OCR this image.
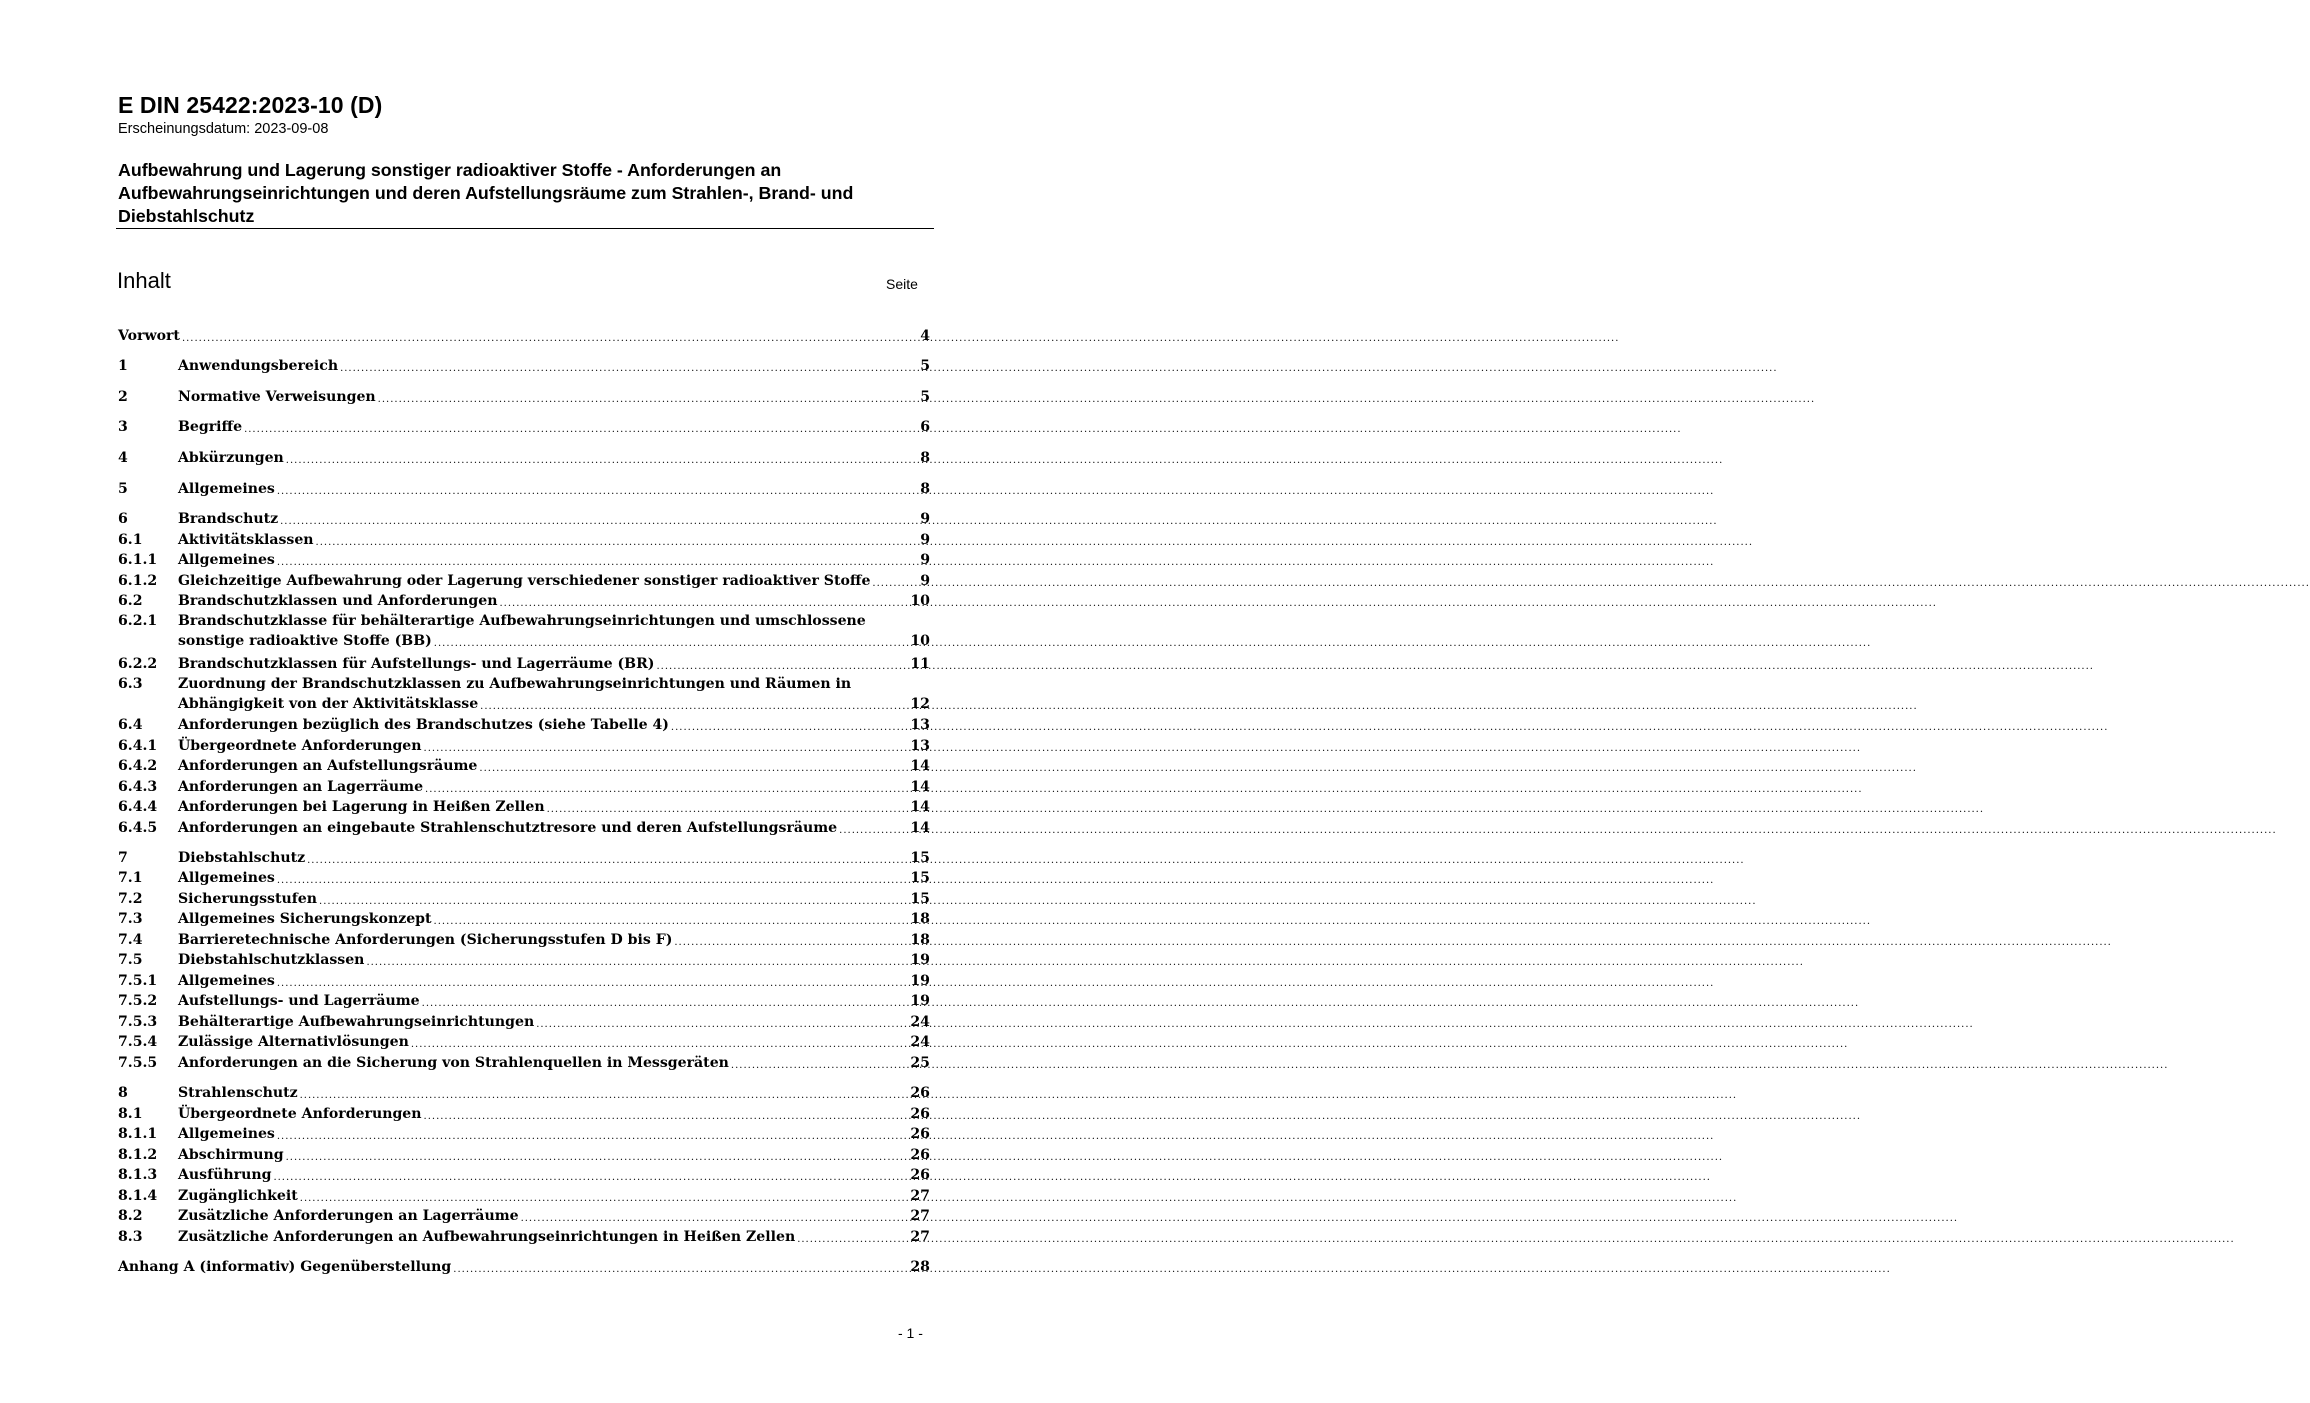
E DIN 25422:2023-10 (D)
Erscheinungsdatum: 2023-09-08
Aufbewahrung und Lagerung sonstiger radioaktiver Stoffe - Anforderungen an Aufbewahrungseinrichtungen und deren Aufstellungsräume zum Strahlen-, Brand- und Diebstahlschutz
Inhalt	Seite
Vorwort .....	4
1	Anwendungsbereich .....	5
2	Normative Verweisungen .....	5
3	Begriffe .....	6
4	Abkürzungen .....	8
5	Allgemeines .....	8
6	Brandschutz .....	9
6.1	Aktivitätsklassen .....	9
6.1.1	Allgemeines .....	9
6.1.2	Gleichzeitige Aufbewahrung oder Lagerung verschiedener sonstiger radioaktiver Stoffe .....	9
6.2	Brandschutzklassen und Anforderungen .....	10
6.2.1	Brandschutzklasse für behälterartige Aufbewahrungseinrichtungen und umschlossene
sonstige radioaktive Stoffe (BB) .....	10
6.2.2	Brandschutzklassen für Aufstellungs- und Lagerräume (BR) .....	11
6.3	Zuordnung der Brandschutzklassen zu Aufbewahrungseinrichtungen und Räumen in
Abhängigkeit von der Aktivitätsklasse .....	12
6.4	Anforderungen bezüglich des Brandschutzes (siehe Tabelle 4) .....	13
6.4.1	Übergeordnete Anforderungen .....	13
6.4.2	Anforderungen an Aufstellungsräume .....	14
6.4.3	Anforderungen an Lagerräume .....	14
6.4.4	Anforderungen bei Lagerung in Heißen Zellen .....	14
6.4.5	Anforderungen an eingebaute Strahlenschutztresore und deren Aufstellungsräume .....	14
7	Diebstahlschutz .....	15
7.1	Allgemeines .....	15
7.2	Sicherungsstufen .....	15
7.3	Allgemeines Sicherungskonzept .....	18
7.4	Barrieretechnische Anforderungen (Sicherungsstufen D bis F) .....	18
7.5	Diebstahlschutzklassen .....	19
7.5.1	Allgemeines .....	19
7.5.2	Aufstellungs- und Lagerräume .....	19
7.5.3	Behälterartige Aufbewahrungseinrichtungen .....	24
7.5.4	Zulässige Alternativlösungen .....	24
7.5.5	Anforderungen an die Sicherung von Strahlenquellen in Messgeräten .....	25
8	Strahlenschutz .....	26
8.1	Übergeordnete Anforderungen .....	26
8.1.1	Allgemeines .....	26
8.1.2	Abschirmung .....	26
8.1.3	Ausführung .....	26
8.1.4	Zugänglichkeit .....	27
8.2	Zusätzliche Anforderungen an Lagerräume .....	27
8.3	Zusätzliche Anforderungen an Aufbewahrungseinrichtungen in Heißen Zellen .....	27
Anhang A (informativ) Gegenüberstellung .....	28
- 1 -
